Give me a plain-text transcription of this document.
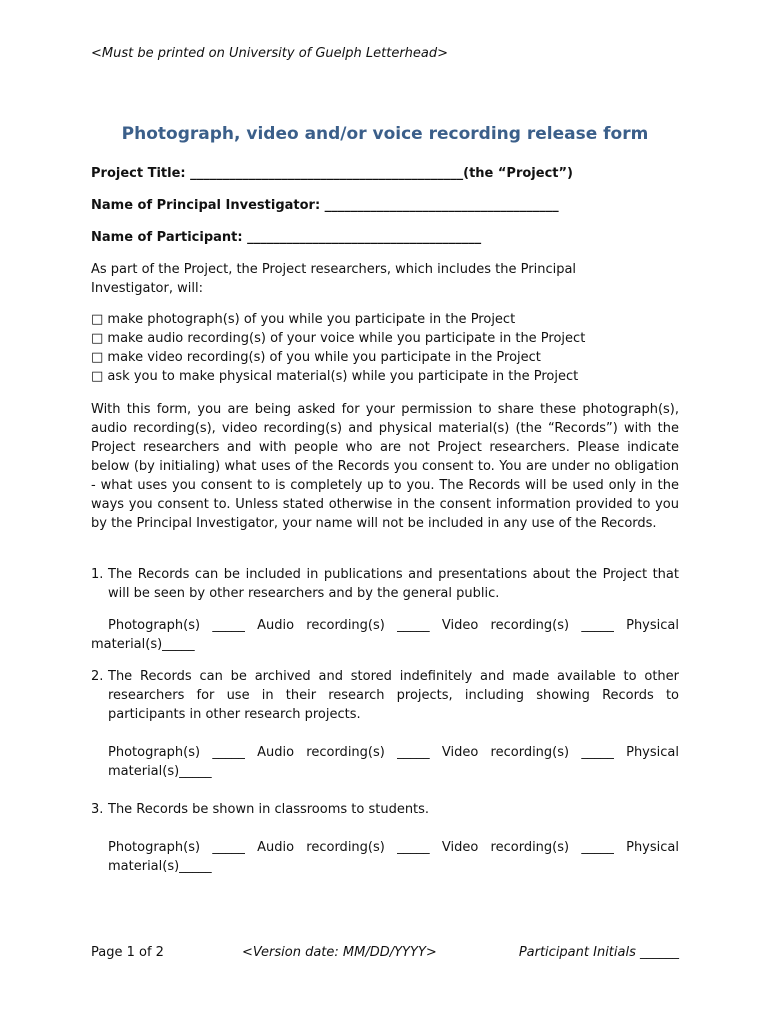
<Must be printed on University of Guelph Letterhead>
Photograph, video and/or voice recording release form
Project Title: __________________________________________(the “Project”)
Name of Principal Investigator: ____________________________________
Name of Participant: ____________________________________
As part of the Project, the Project researchers, which includes the Principal Investigator, will:
□ make photograph(s) of you while you participate in the Project
□ make audio recording(s) of your voice while you participate in the Project
□ make video recording(s) of you while you participate in the Project
□ ask you to make physical material(s) while you participate in the Project
With this form, you are being asked for your permission to share these photograph(s), audio recording(s), video recording(s) and physical material(s) (the “Records”) with the Project researchers and with people who are not Project researchers. Please indicate below (by initialing) what uses of the Records you consent to. You are under no obligation - what uses you consent to is completely up to you. The Records will be used only in the ways you consent to. Unless stated otherwise in the consent information provided to you by the Principal Investigator, your name will not be included in any use of the Records.
1. The Records can be included in publications and presentations about the Project that will be seen by other researchers and by the general public.
Photograph(s) _____ Audio recording(s) _____ Video recording(s) _____ Physical material(s)_____
2. The Records can be archived and stored indefinitely and made available to other researchers for use in their research projects, including showing Records to participants in other research projects.
Photograph(s) _____ Audio recording(s) _____ Video recording(s) _____ Physical material(s)_____
3. The Records be shown in classrooms to students.
Photograph(s) _____ Audio recording(s) _____ Video recording(s) _____ Physical material(s)_____
Page 1 of 2	<Version date: MM/DD/YYYY>	Participant Initials ______
